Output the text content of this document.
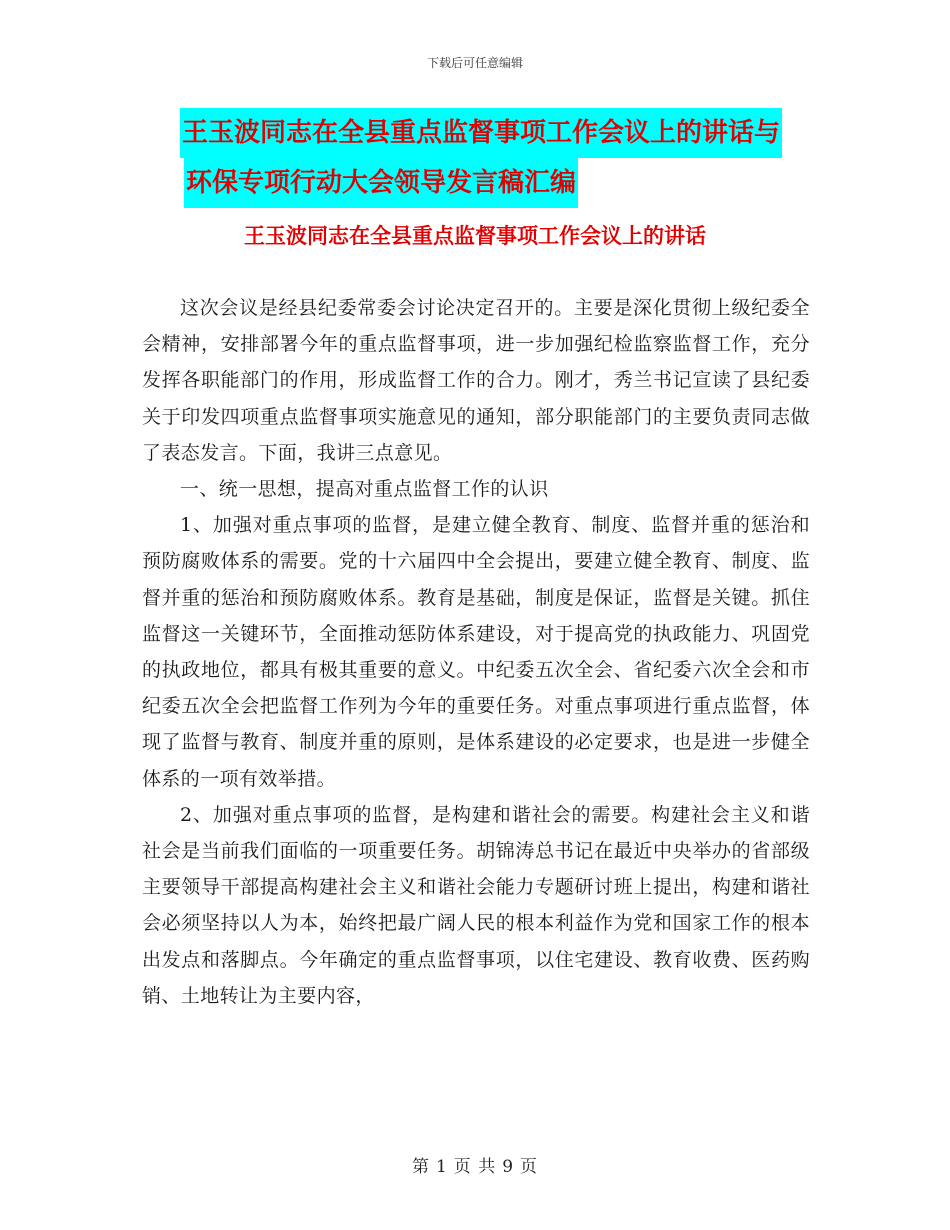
下载后可任意编辑
王玉波同志在全县重点监督事项工作会议上的讲话与
环保专项行动大会领导发言稿汇编
王玉波同志在全县重点监督事项工作会议上的讲话

这次会议是经县纪委常委会讨论决定召开的。主要是深化贯彻上级纪委全会精神，安排部署今年的重点监督事项，进一步加强纪检监察监督工作，充分发挥各职能部门的作用，形成监督工作的合力。刚才，秀兰书记宣读了县纪委关于印发四项重点监督事项实施意见的通知，部分职能部门的主要负责同志做了表态发言。下面，我讲三点意见。

一、统一思想，提高对重点监督工作的认识

1、加强对重点事项的监督，是建立健全教育、制度、监督并重的惩治和预防腐败体系的需要。党的十六届四中全会提出，要建立健全教育、制度、监督并重的惩治和预防腐败体系。教育是基础，制度是保证，监督是关键。抓住监督这一关键环节，全面推动惩防体系建设，对于提高党的执政能力、巩固党的执政地位，都具有极其重要的意义。中纪委五次全会、省纪委六次全会和市纪委五次全会把监督工作列为今年的重要任务。对重点事项进行重点监督，体现了监督与教育、制度并重的原则，是体系建设的必定要求，也是进一步健全体系的一项有效举措。

2、加强对重点事项的监督，是构建和谐社会的需要。构建社会主义和谐社会是当前我们面临的一项重要任务。胡锦涛总书记在最近中央举办的省部级主要领导干部提高构建社会主义和谐社会能力专题研讨班上提出，构建和谐社会必须坚持以人为本，始终把最广阔人民的根本利益作为党和国家工作的根本出发点和落脚点。今年确定的重点监督事项，以住宅建设、教育收费、医药购销、土地转让为主要内容，

第 1 页 共 9 页
